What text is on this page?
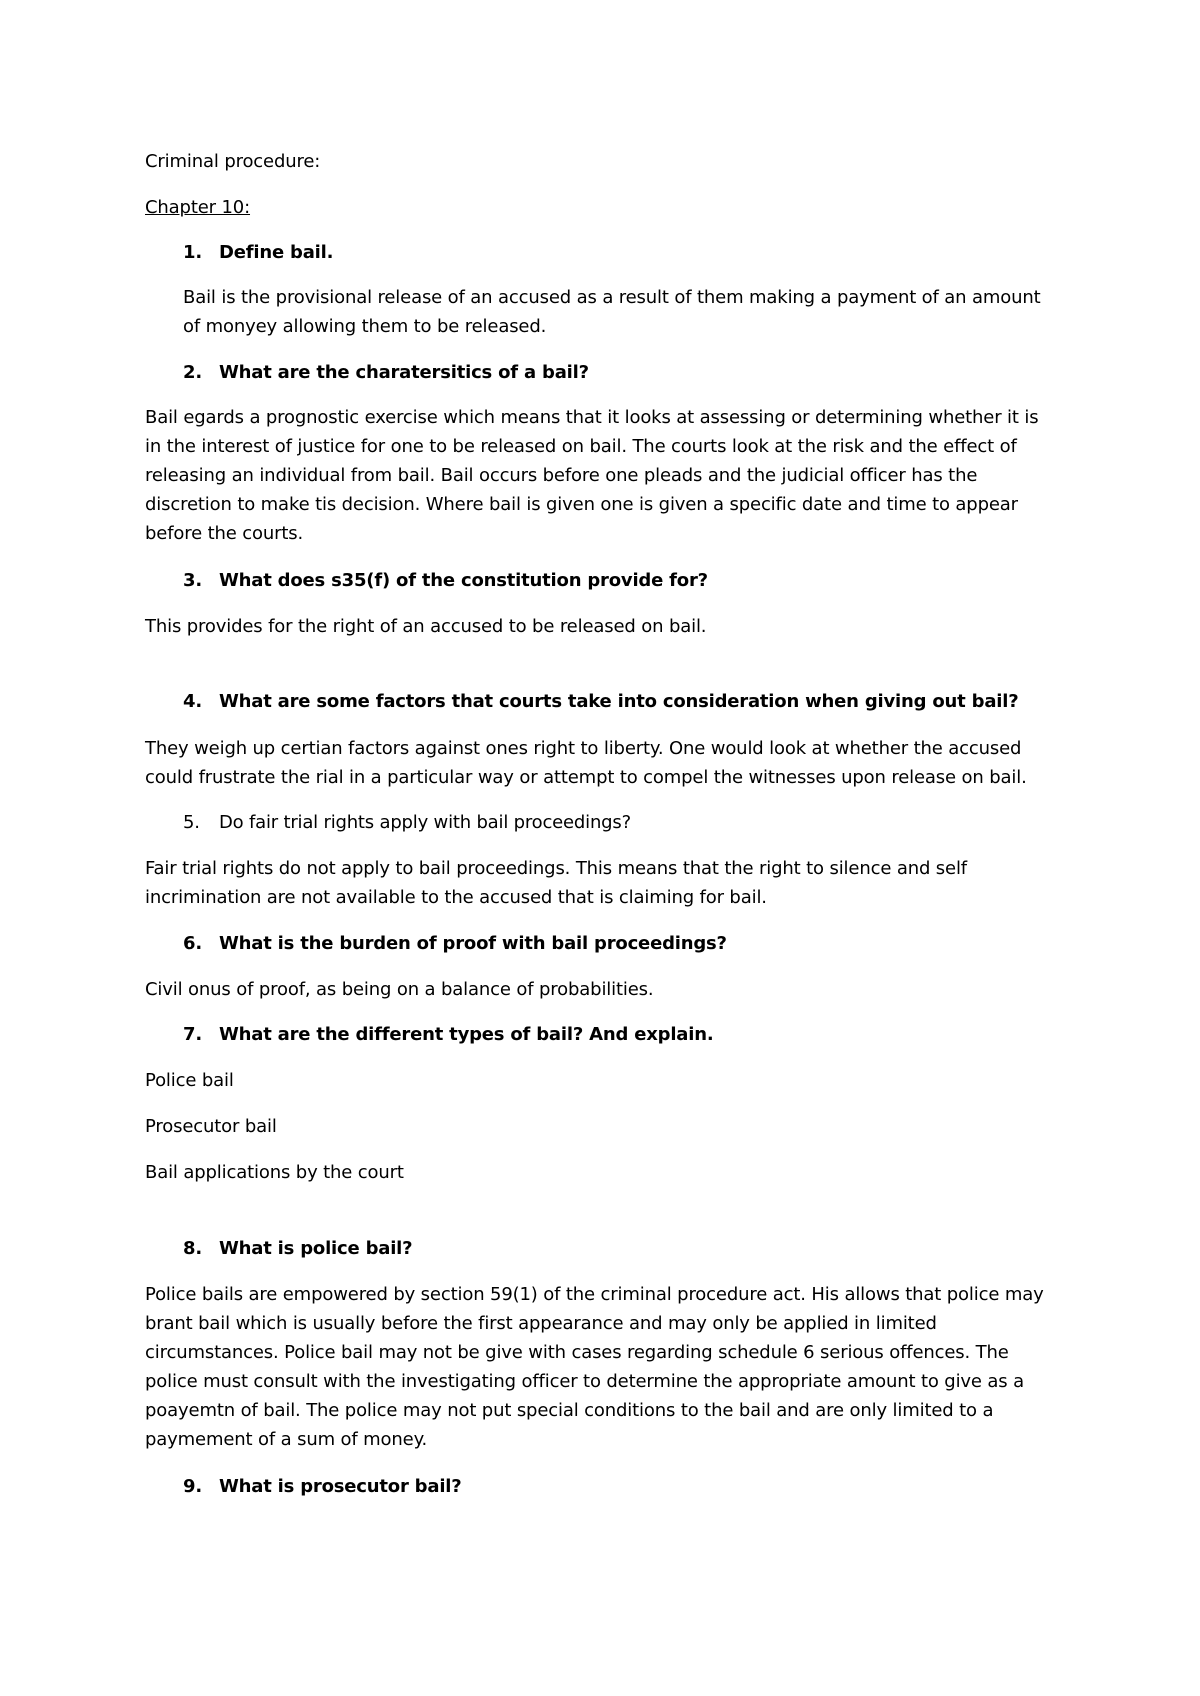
Criminal procedure:
Chapter 10:
1. Define bail.
Bail is the provisional release of an accused as a result of them making a payment of an amount
of monyey allowing them to be released.
2. What are the charatersitics of a bail?
Bail egards a prognostic exercise which means that it looks at assessing or determining whether it is
in the interest of justice for one to be released on bail. The courts look at the risk and the effect of
releasing an individual from bail. Bail occurs before one pleads and the judicial officer has the
discretion to make tis decision. Where bail is given one is given a specific date and time to appear
before the courts.
3. What does s35(f) of the constitution provide for?
This provides for the right of an accused to be released on bail.
4. What are some factors that courts take into consideration when giving out bail?
They weigh up certian factors against ones right to liberty. One would look at whether the accused
could frustrate the rial in a particular way or attempt to compel the witnesses upon release on bail.
5.	Do fair trial rights apply with bail proceedings?
Fair trial rights do not apply to bail proceedings. This means that the right to silence and self
incrimination are not available to the accused that is claiming for bail.
6. What is the burden of proof with bail proceedings?
Civil onus of proof, as being on a balance of probabilities.
7. What are the different types of bail? And explain.
Police bail
Prosecutor bail
Bail applications by the court
8. What is police bail?
Police bails are empowered by section 59(1) of the criminal procedure act. His allows that police may
brant bail which is usually before the first appearance and may only be applied in limited
circumstances. Police bail may not be give with cases regarding schedule 6 serious offences. The
police must consult with the investigating officer to determine the appropriate amount to give as a
poayemtn of bail. The police may not put special conditions to the bail and are only limited to a
paymement of a sum of money.
9. What is prosecutor bail?
